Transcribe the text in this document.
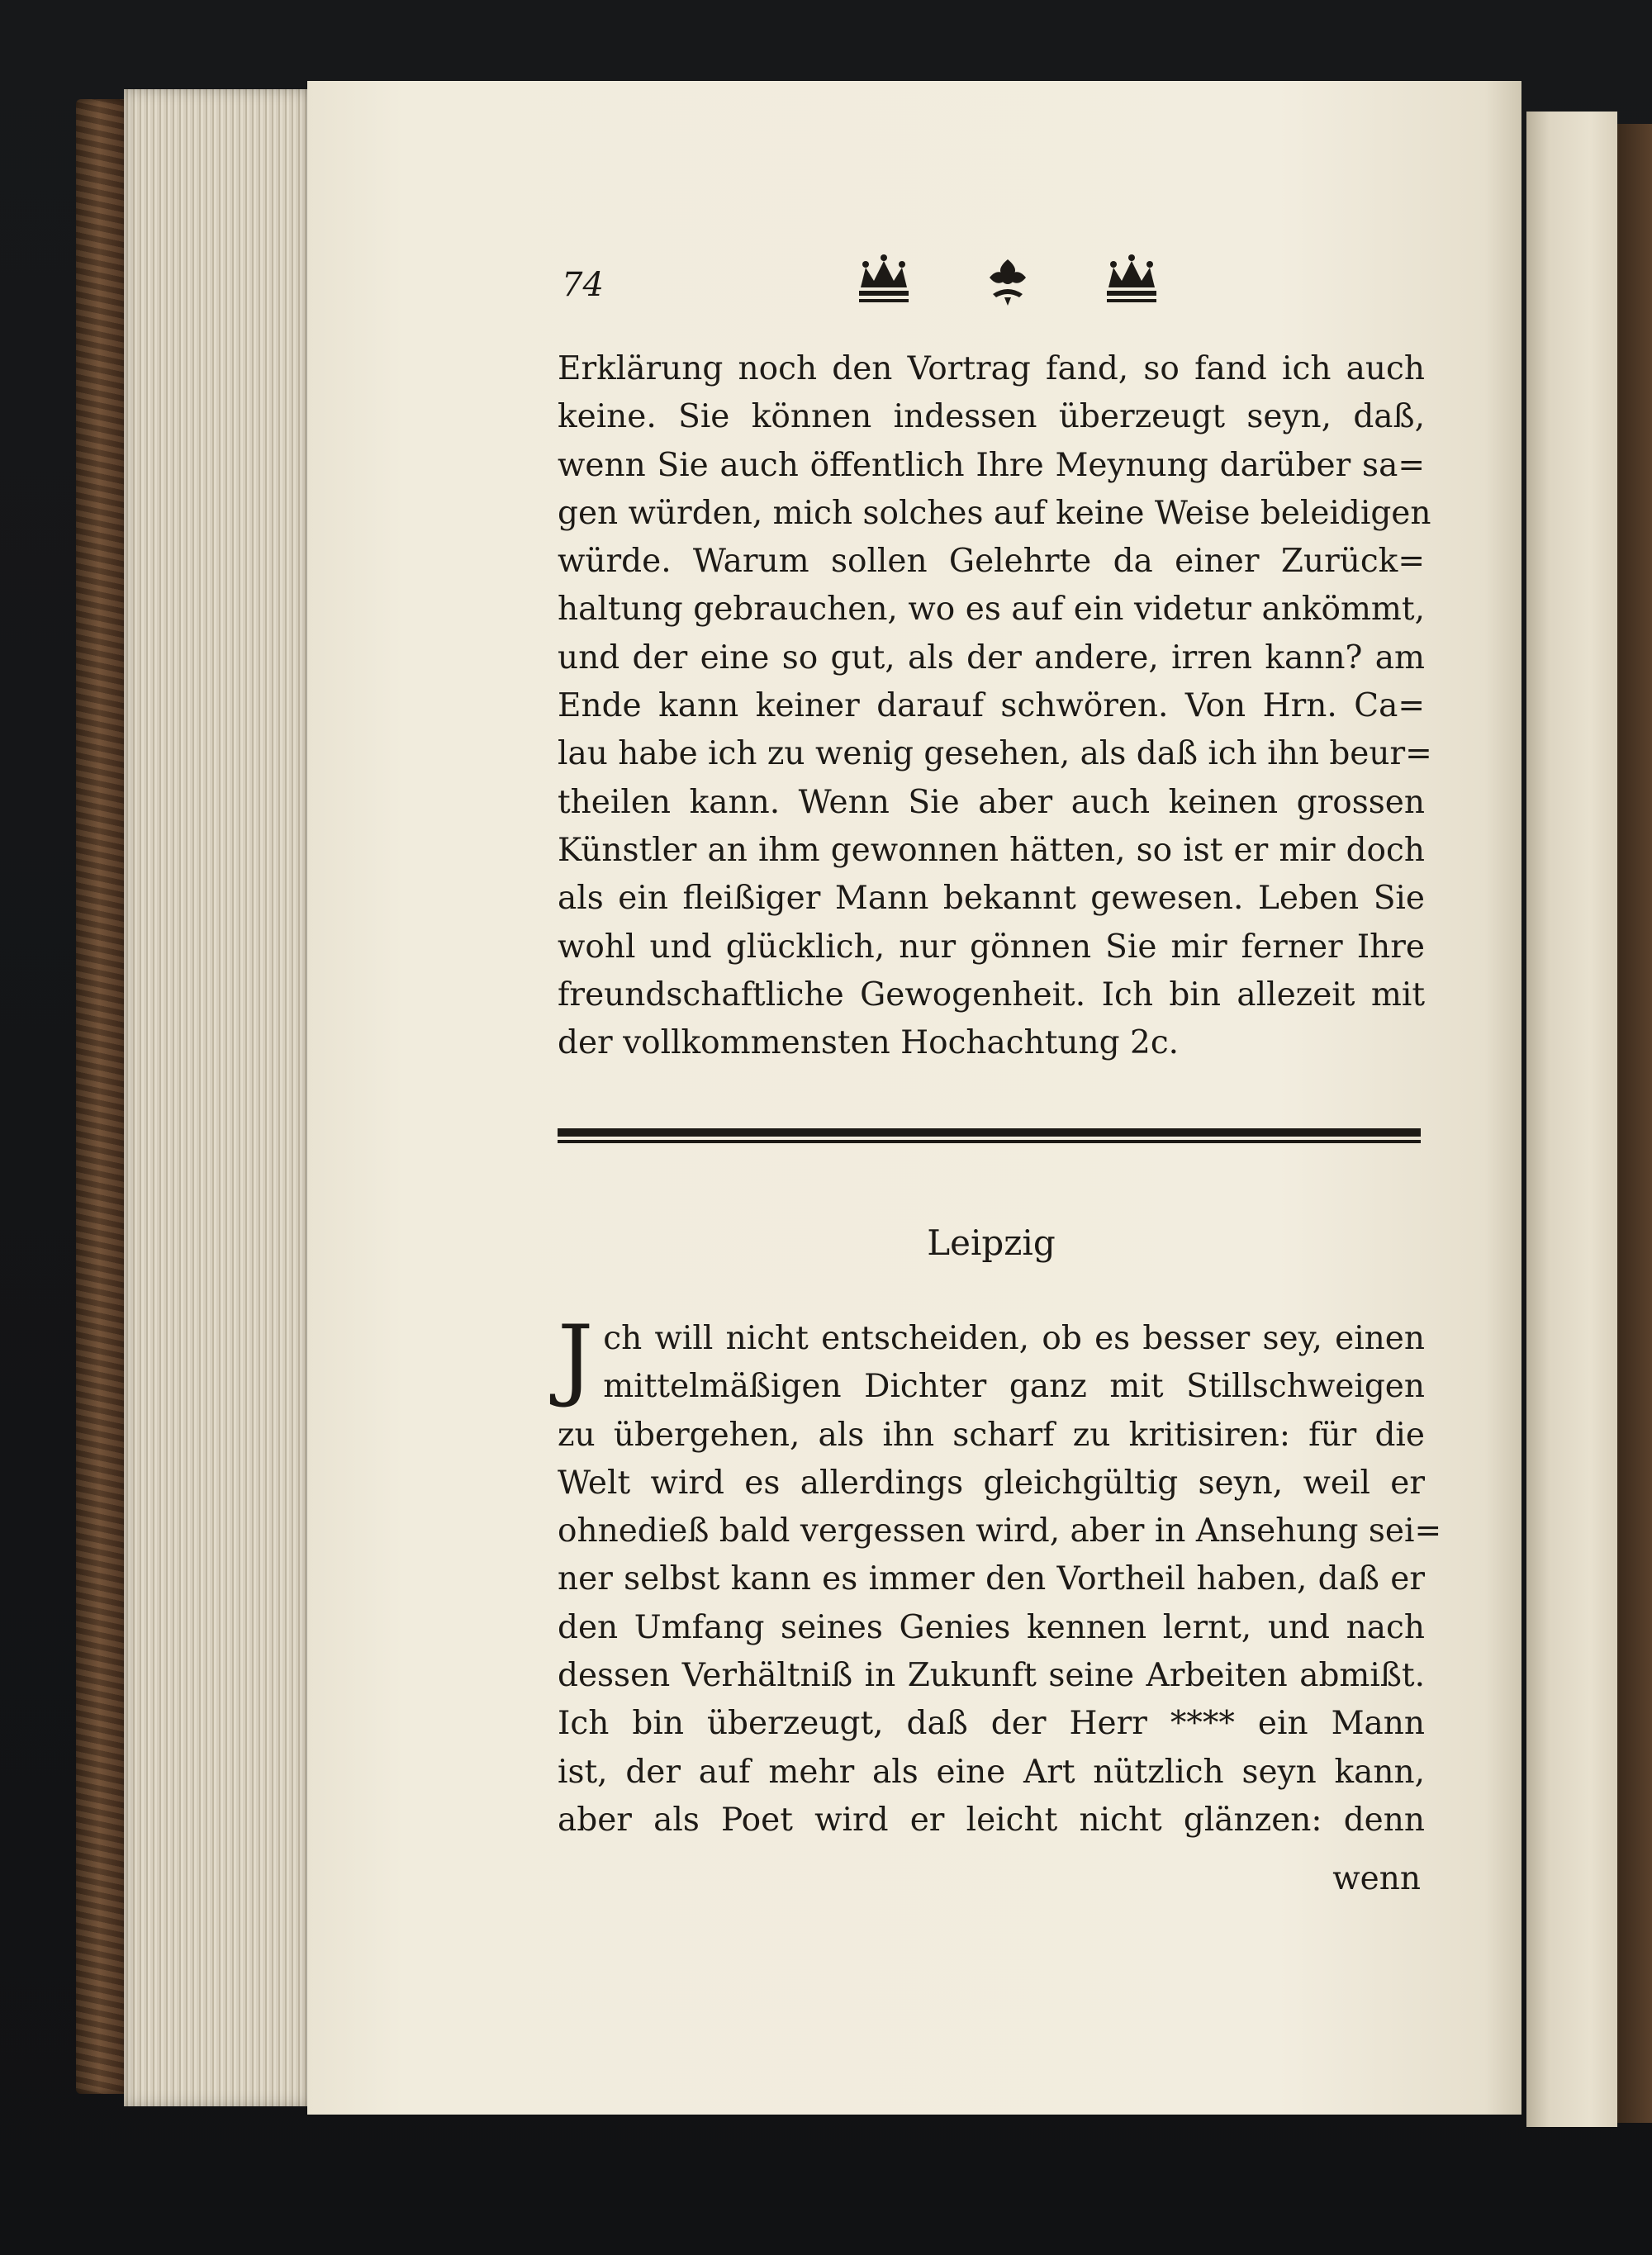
74
Erklärung noch den Vortrag fand, so fand ich auch
keine. Sie können indessen überzeugt seyn, daß,
wenn Sie auch öffentlich Ihre Meynung darüber sa=
gen würden, mich solches auf keine Weise beleidigen
würde. Warum sollen Gelehrte da einer Zurück=
haltung gebrauchen, wo es auf ein videtur ankömmt,
und der eine so gut, als der andere, irren kann? am
Ende kann keiner darauf schwören. Von Hrn. Ca=
lau habe ich zu wenig gesehen, als daß ich ihn beur=
theilen kann. Wenn Sie aber auch keinen grossen
Künstler an ihm gewonnen hätten, so ist er mir doch
als ein fleißiger Mann bekannt gewesen. Leben Sie
wohl und glücklich, nur gönnen Sie mir ferner Ihre
freundschaftliche Gewogenheit. Ich bin allezeit mit
der vollkommensten Hochachtung 2c.
Leipzig
J ch will nicht entscheiden, ob es besser sey, einen
mittelmäßigen Dichter ganz mit Stillschweigen
zu übergehen, als ihn scharf zu kritisiren: für die
Welt wird es allerdings gleichgültig seyn, weil er
ohnedieß bald vergessen wird, aber in Ansehung sei=
ner selbst kann es immer den Vortheil haben, daß er
den Umfang seines Genies kennen lernt, und nach
dessen Verhältniß in Zukunft seine Arbeiten abmißt.
Ich bin überzeugt, daß der Herr **** ein Mann
ist, der auf mehr als eine Art nützlich seyn kann,
aber als Poet wird er leicht nicht glänzen: denn
wenn
